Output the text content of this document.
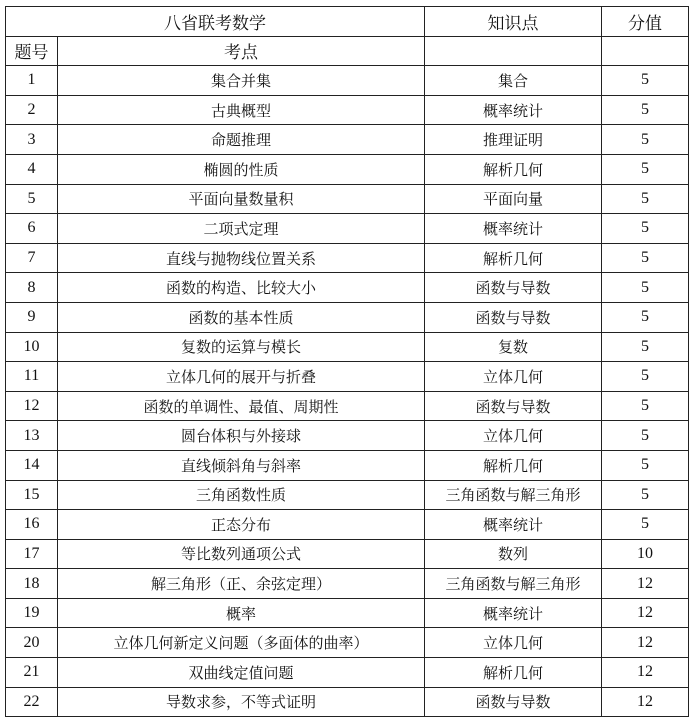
八省联考数学		知识点	分值
题号	考点		
1	集合并集	集合	5
2	古典概型	概率统计	5
3	命题推理	推理证明	5
4	椭圆的性质	解析几何	5
5	平面向量数量积	平面向量	5
6	二项式定理	概率统计	5
7	直线与抛物线位置关系	解析几何	5
8	函数的构造、比较大小	函数与导数	5
9	函数的基本性质	函数与导数	5
10	复数的运算与模长	复数	5
11	立体几何的展开与折叠	立体几何	5
12	函数的单调性、最值、周期性	函数与导数	5
13	圆台体积与外接球	立体几何	5
14	直线倾斜角与斜率	解析几何	5
15	三角函数性质	三角函数与解三角形	5
16	正态分布	概率统计	5
17	等比数列通项公式	数列	10
18	解三角形（正、余弦定理）	三角函数与解三角形	12
19	概率	概率统计	12
20	立体几何新定义问题（多面体的曲率）	立体几何	12
21	双曲线定值问题	解析几何	12
22	导数求参，不等式证明	函数与导数	12
